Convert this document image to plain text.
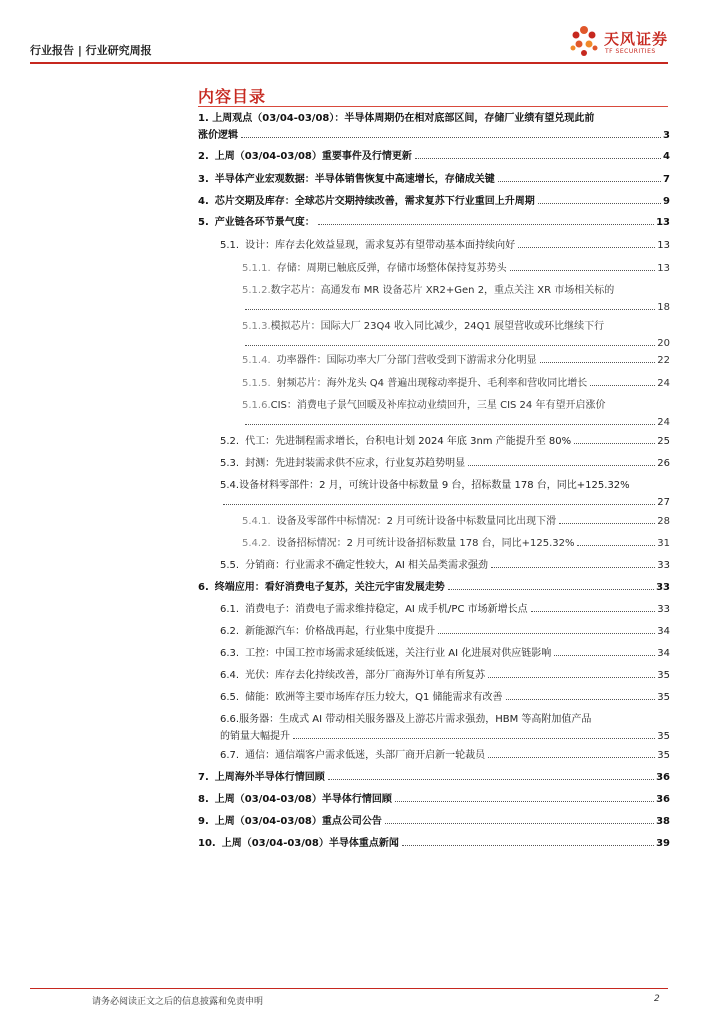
行业报告 | 行业研究周报
天风证券
TF SECURITIES
内容目录
1. 上周观点（03/04-03/08）：半导体周期仍在相对底部区间，存储厂业绩有望兑现此前
涨价逻辑	3
2. 上周（03/04-03/08）重要事件及行情更新	4
3. 半导体产业宏观数据：半导体销售恢复中高速增长，存储成关键	7
4. 芯片交期及库存：全球芯片交期持续改善，需求复苏下行业重回上升周期	9
5. 产业链各环节景气度：	13
5.1. 设计：库存去化效益显现，需求复苏有望带动基本面持续向好	13
5.1.1. 存储：周期已触底反弹，存储市场整体保持复苏势头	13
5.1.2.数字芯片：高通发布 MR 设备芯片 XR2+Gen 2，重点关注 XR 市场相关标的
18
5.1.3.模拟芯片：国际大厂 23Q4 收入同比减少，24Q1 展望营收或环比继续下行
20
5.1.4. 功率器件：国际功率大厂分部门营收受到下游需求分化明显	22
5.1.5. 射频芯片：海外龙头 Q4 普遍出现稼动率提升、毛利率和营收同比增长	24
5.1.6.CIS：消费电子景气回暖及补库拉动业绩回升，三星 CIS 24 年有望开启涨价
24
5.2. 代工：先进制程需求增长，台积电计划 2024 年底 3nm 产能提升至 80%	25
5.3. 封测：先进封装需求供不应求，行业复苏趋势明显	26
5.4.设备材料零部件：2 月，可统计设备中标数量 9 台，招标数量 178 台，同比+125.32%
27
5.4.1. 设备及零部件中标情况：2 月可统计设备中标数量同比出现下滑	28
5.4.2. 设备招标情况：2 月可统计设备招标数量 178 台，同比+125.32%	31
5.5. 分销商：行业需求不确定性较大，AI 相关品类需求强劲	33
6. 终端应用：看好消费电子复苏，关注元宇宙发展走势	33
6.1. 消费电子：消费电子需求维持稳定，AI 成手机/PC 市场新增长点	33
6.2. 新能源汽车：价格战再起，行业集中度提升	34
6.3. 工控：中国工控市场需求延续低迷，关注行业 AI 化进展对供应链影响	34
6.4. 光伏：库存去化持续改善，部分厂商海外订单有所复苏	35
6.5. 储能：欧洲等主要市场库存压力较大，Q1 储能需求有改善	35
6.6.服务器：生成式 AI 带动相关服务器及上游芯片需求强劲，HBM 等高附加值产品
的销量大幅提升	35
6.7. 通信：通信端客户需求低迷，头部厂商开启新一轮裁员	35
7. 上周海外半导体行情回顾	36
8. 上周（03/04-03/08）半导体行情回顾	36
9. 上周（03/04-03/08）重点公司公告	38
10. 上周（03/04-03/08）半导体重点新闻	39
请务必阅读正文之后的信息披露和免责申明	2
